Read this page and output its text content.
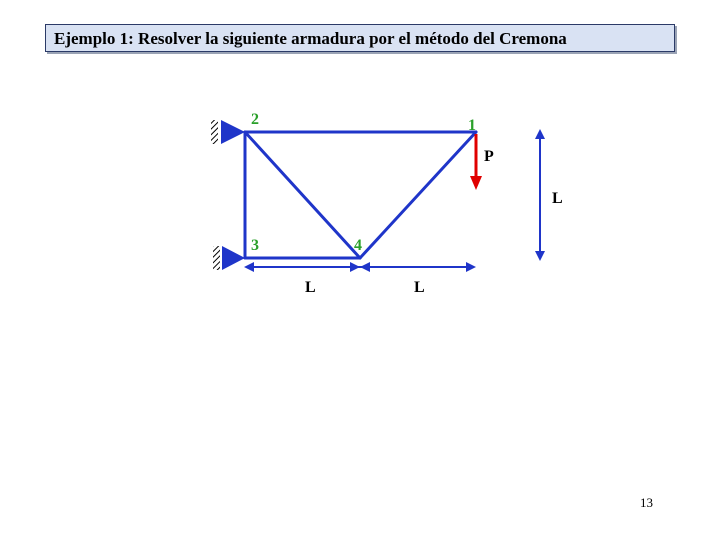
Ejemplo 1: Resolver la siguiente armadura por el método del Cremona
2	1
3	4
P
L
L	L
13
